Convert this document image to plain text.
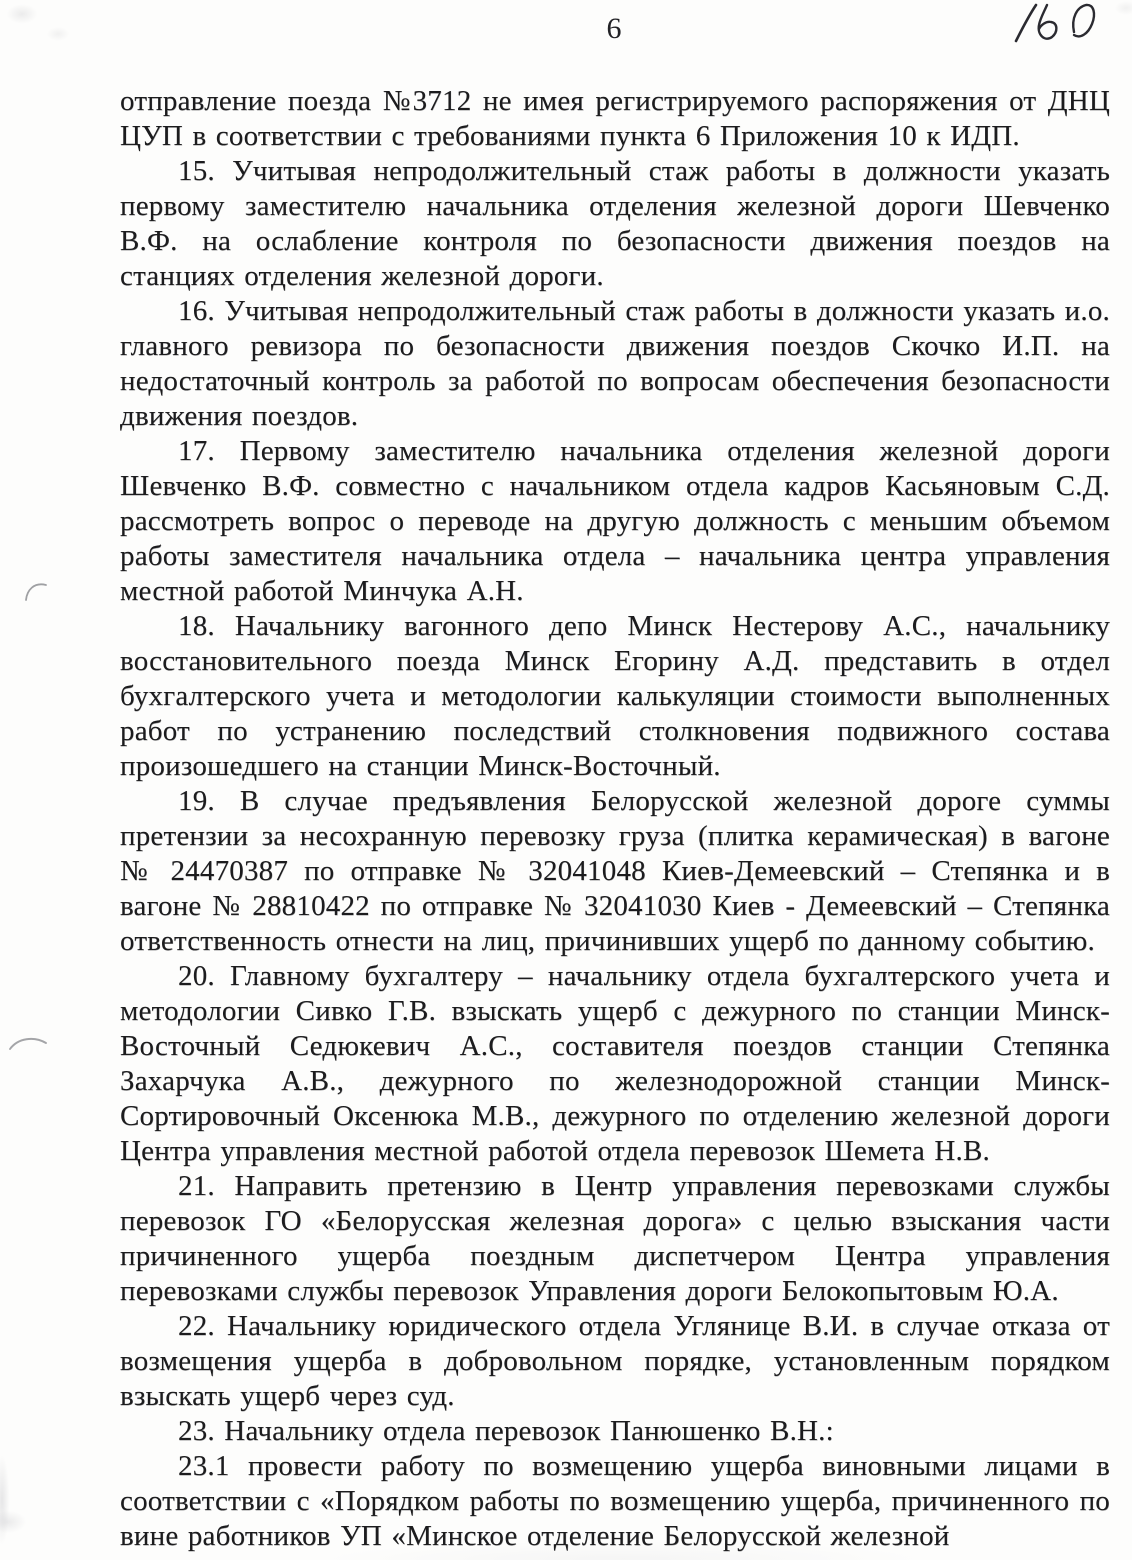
6

отправление поезда №3712 не имея регистрируемого распоряжения от ДНЦ ЦУП в соответствии с требованиями пункта 6 Приложения 10 к ИДП.

15. Учитывая непродолжительный стаж работы в должности указать первому заместителю начальника отделения железной дороги Шевченко В.Ф. на ослабление контроля по безопасности движения поездов на станциях отделения железной дороги.

16. Учитывая непродолжительный стаж работы в должности указать и.о. главного ревизора по безопасности движения поездов Скочко И.П. на недостаточный контроль за работой по вопросам обеспечения безопасности движения поездов.

17. Первому заместителю начальника отделения железной дороги Шевченко В.Ф. совместно с начальником отдела кадров Касьяновым С.Д. рассмотреть вопрос о переводе на другую должность с меньшим объемом работы заместителя начальника отдела – начальника центра управления местной работой Минчука А.Н.

18. Начальнику вагонного депо Минск Нестерову А.С., начальнику восстановительного поезда Минск Егорину А.Д. представить в отдел бухгалтерского учета и методологии калькуляции стоимости выполненных работ по устранению последствий столкновения подвижного состава произошедшего на станции Минск-Восточный.

19. В случае предъявления Белорусской железной дороге суммы претензии за несохранную перевозку груза (плитка керамическая) в вагоне № 24470387 по отправке № 32041048 Киев-Демеевский – Степянка и в вагоне № 28810422 по отправке № 32041030 Киев - Демеевский – Степянка ответственность отнести на лиц, причинивших ущерб по данному событию.

20. Главному бухгалтеру – начальнику отдела бухгалтерского учета и методологии Сивко Г.В. взыскать ущерб с дежурного по станции Минск-Восточный Седюкевич А.С., составителя поездов станции Степянка Захарчука А.В., дежурного по железнодорожной станции Минск-Сортировочный Оксенюка М.В., дежурного по отделению железной дороги Центра управления местной работой отдела перевозок Шемета Н.В.

21. Направить претензию в Центр управления перевозками службы перевозок ГО «Белорусская железная дорога» с целью взыскания части причиненного ущерба поездным диспетчером Центра управления перевозками службы перевозок Управления дороги Белокопытовым Ю.А.

22. Начальнику юридического отдела Углянице В.И. в случае отказа от возмещения ущерба в добровольном порядке, установленным порядком взыскать ущерб через суд.

23. Начальнику отдела перевозок Панюшенко В.Н.:

23.1 провести работу по возмещению ущерба виновными лицами в соответствии с «Порядком работы по возмещению ущерба, причиненного по вине работников УП «Минское отделение Белорусской железной
